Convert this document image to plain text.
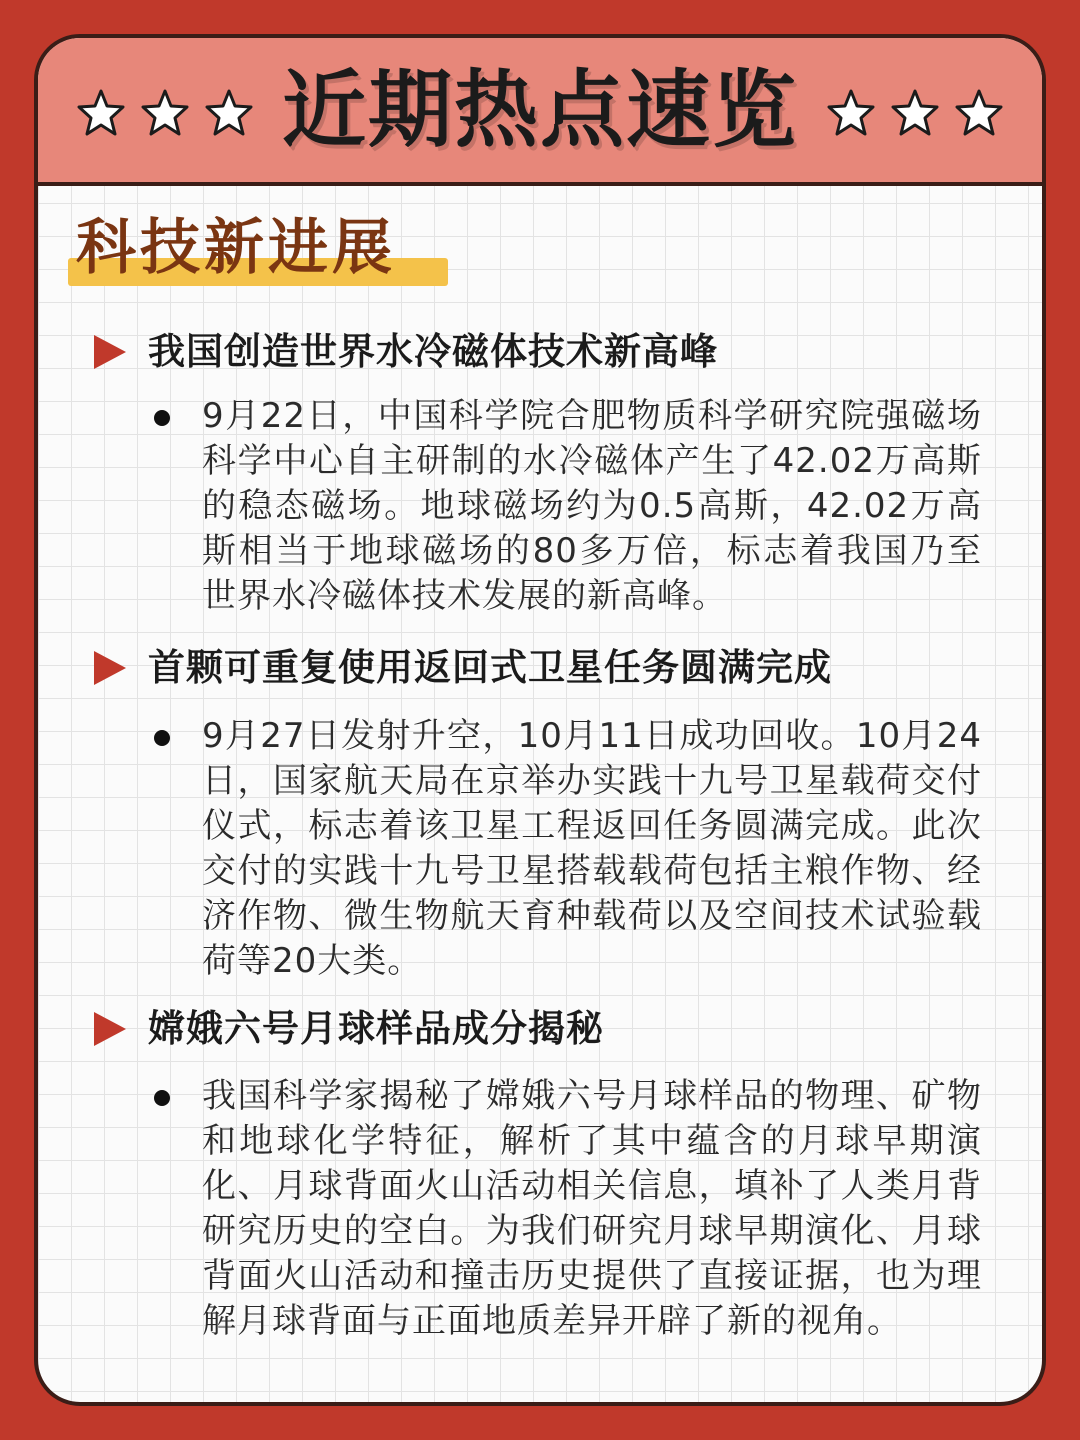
近期热点速览
科技新进展
我国创造世界水冷磁体技术新高峰
9月22日，中国科学院合肥物质科学研究院强磁场科学中心自主研制的水冷磁体产生了42.02万高斯的稳态磁场。地球磁场约为0.5高斯，42.02万高斯相当于地球磁场的80多万倍，标志着我国乃至世界水冷磁体技术发展的新高峰。
首颗可重复使用返回式卫星任务圆满完成
9月27日发射升空，10月11日成功回收。10月24日，国家航天局在京举办实践十九号卫星载荷交付仪式，标志着该卫星工程返回任务圆满完成。此次交付的实践十九号卫星搭载载荷包括主粮作物、经济作物、微生物航天育种载荷以及空间技术试验载荷等20大类。
嫦娥六号月球样品成分揭秘
我国科学家揭秘了嫦娥六号月球样品的物理、矿物和地球化学特征，解析了其中蕴含的月球早期演化、月球背面火山活动相关信息，填补了人类月背研究历史的空白。为我们研究月球早期演化、月球背面火山活动和撞击历史提供了直接证据，也为理解月球背面与正面地质差异开辟了新的视角。
